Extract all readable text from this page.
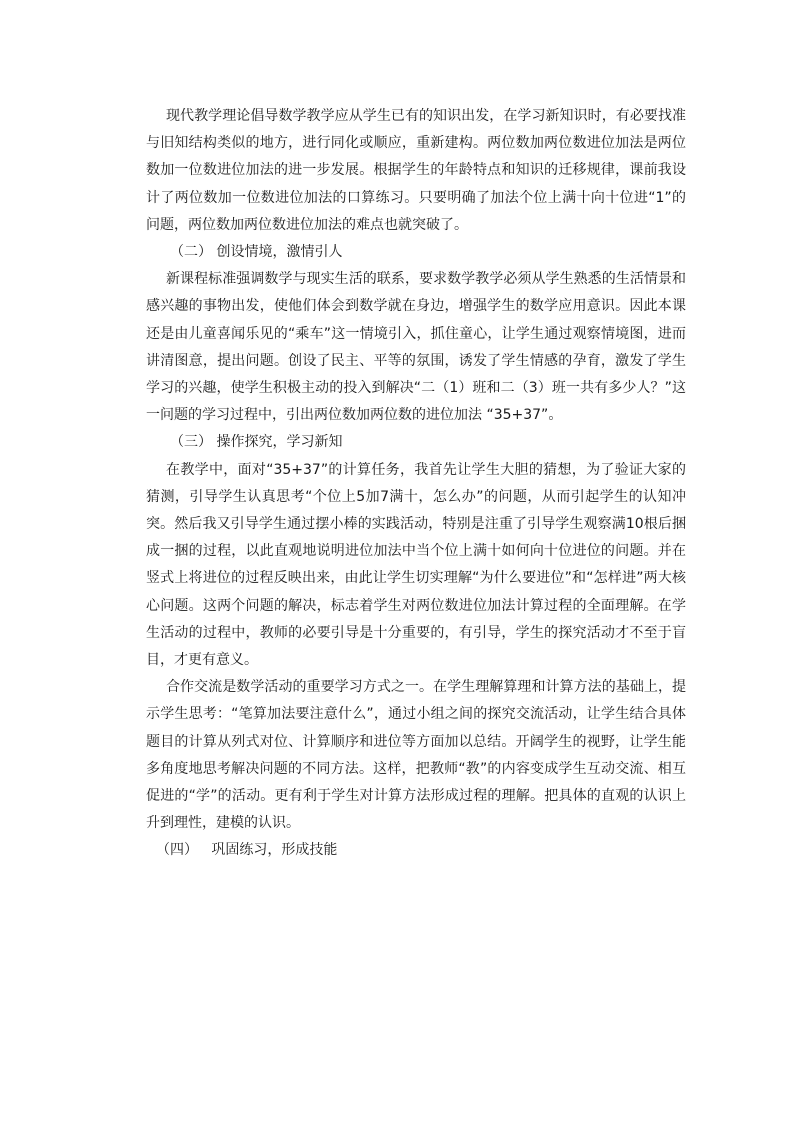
现代教学理论倡导数学教学应从学生已有的知识出发，在学习新知识时，有必要找准与旧知结构类似的地方，进行同化或顺应，重新建构。两位数加两位数进位加法是两位数加一位数进位加法的进一步发展。根据学生的年龄特点和知识的迁移规律，课前我设计了两位数加一位数进位加法的口算练习。只要明确了加法个位上满十向十位进“1”的问题，两位数加两位数进位加法的难点也就突破了。

（二） 创设情境，激情引人

新课程标准强调数学与现实生活的联系，要求数学教学必须从学生熟悉的生活情景和感兴趣的事物出发，使他们体会到数学就在身边，增强学生的数学应用意识。因此本课还是由儿童喜闻乐见的“乘车”这一情境引入，抓住童心，让学生通过观察情境图，进而讲清图意，提出问题。创设了民主、平等的氛围，诱发了学生情感的孕育，激发了学生学习的兴趣，使学生积极主动的投入到解决“二（1）班和二（3）班一共有多少人？”这一问题的学习过程中，引出两位数加两位数的进位加法 “35+37”。

（三） 操作探究，学习新知

在教学中，面对“35+37”的计算任务，我首先让学生大胆的猜想，为了验证大家的猜测，引导学生认真思考“个位上5加7满十，怎么办”的问题，从而引起学生的认知冲突。然后我又引导学生通过摆小棒的实践活动，特别是注重了引导学生观察满10根后捆成一捆的过程，以此直观地说明进位加法中当个位上满十如何向十位进位的问题。并在竖式上将进位的过程反映出来，由此让学生切实理解“为什么要进位”和“怎样进”两大核心问题。这两个问题的解决，标志着学生对两位数进位加法计算过程的全面理解。在学生活动的过程中，教师的必要引导是十分重要的，有引导，学生的探究活动才不至于盲目，才更有意义。

合作交流是数学活动的重要学习方式之一。在学生理解算理和计算方法的基础上，提示学生思考：“笔算加法要注意什么”，通过小组之间的探究交流活动，让学生结合具体题目的计算从列式对位、计算顺序和进位等方面加以总结。开阔学生的视野，让学生能多角度地思考解决问题的不同方法。这样，把教师“教”的内容变成学生互动交流、相互促进的“学”的活动。更有利于学生对计算方法形成过程的理解。把具体的直观的认识上升到理性，建模的认识。

（四）   巩固练习，形成技能
